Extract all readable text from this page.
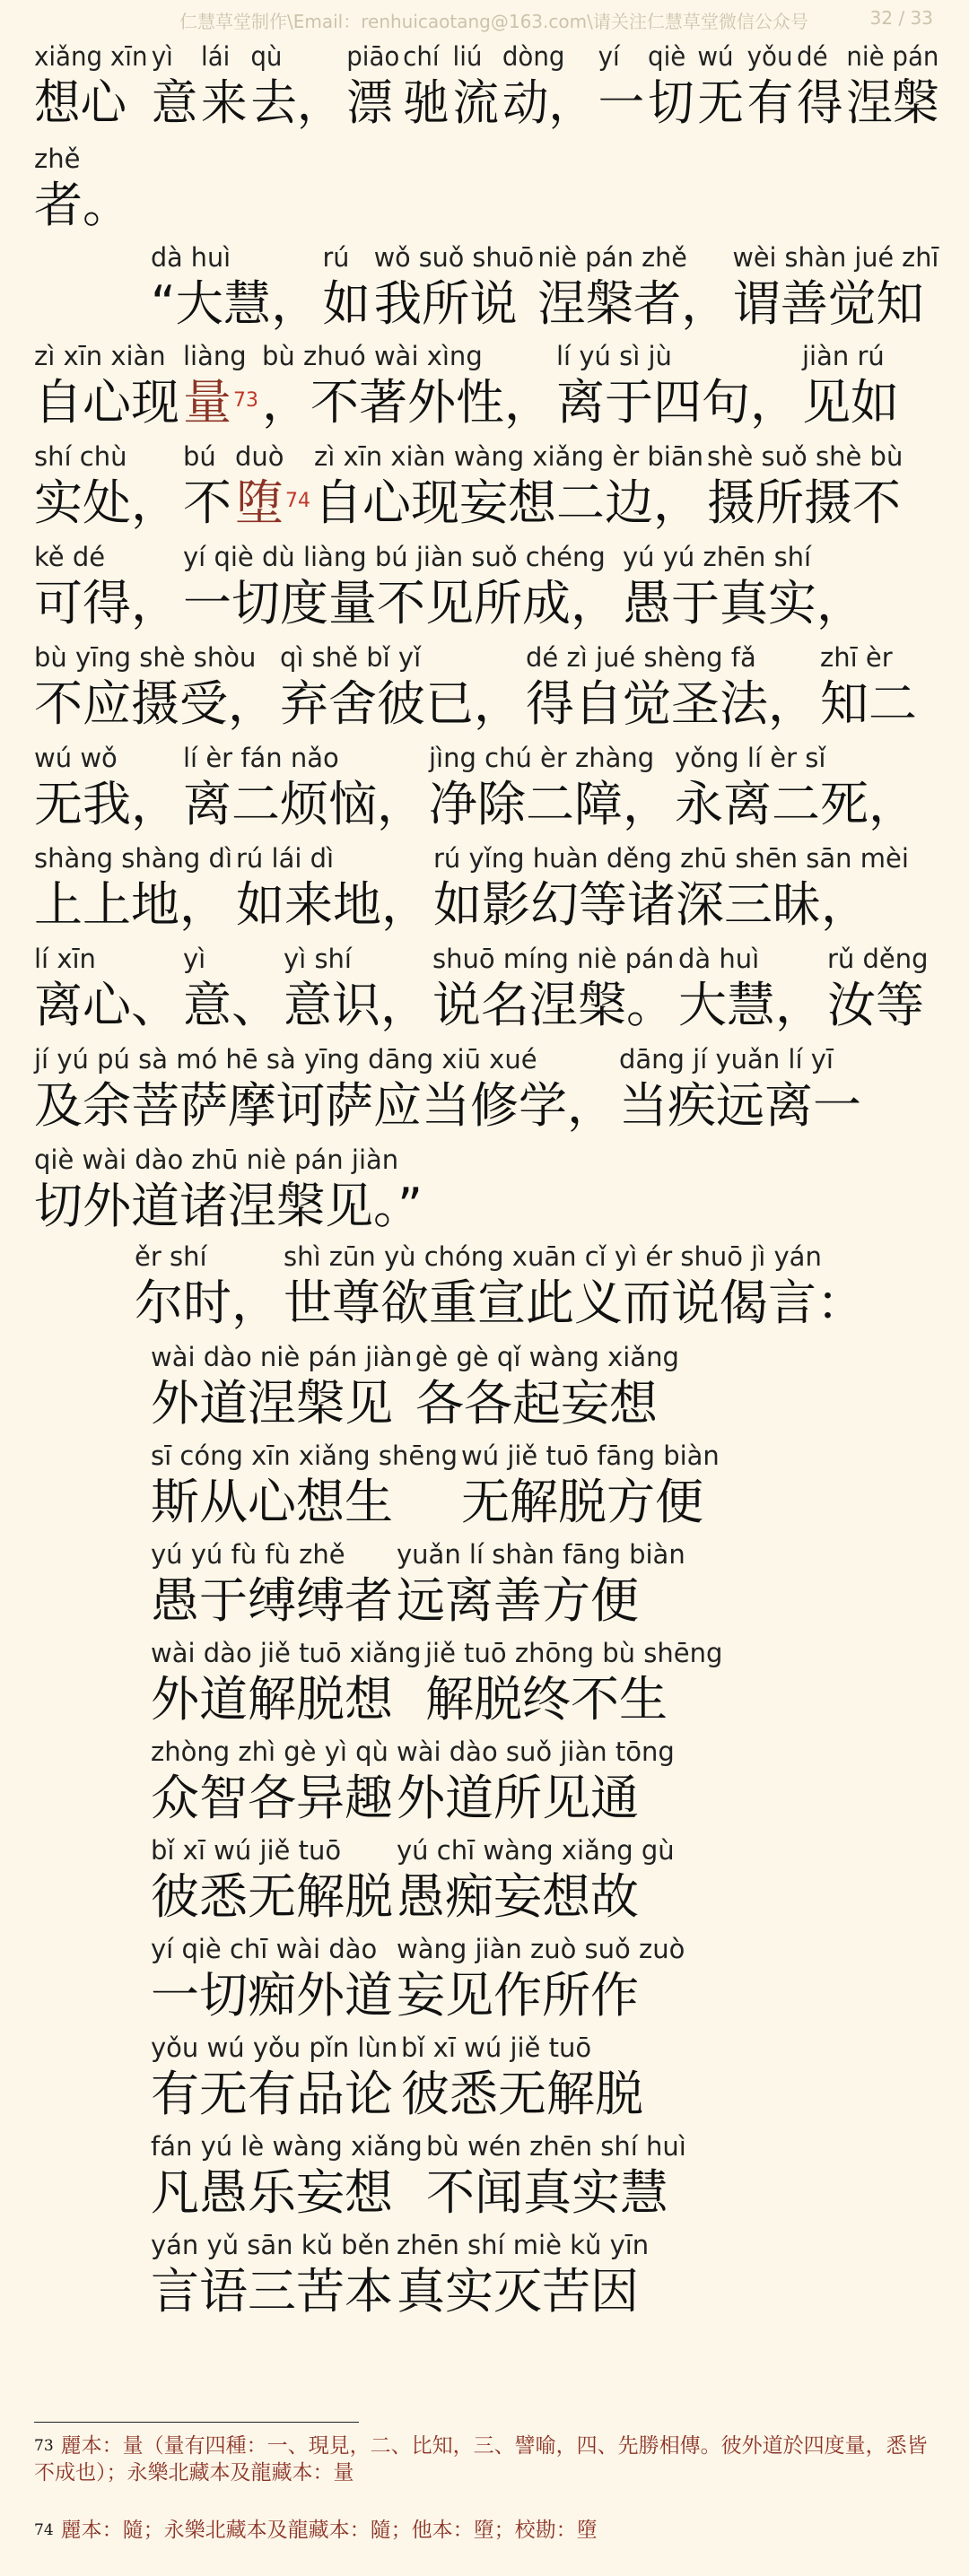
仁慧草堂制作\Email：renhuicaotang@163.com\请关注仁慧草堂微信公众号	32 / 33
xiǎng xīn
想心
yì
意
lái
来
qù
去，
piāo
漂
chí
驰
liú
流
dòng
动，
yí
一
qiè
切
wú
无
yǒu
有
dé
得
niè pán
涅槃
zhě
者。
dà huì
“大慧，
rú
如
wǒ suǒ shuō
我所说
niè pán zhě
涅槃者，
wèi shàn jué zhī
谓善觉知
zì xīn xiàn
自心现
liàng
量$^{73}$
bù zhuó wài xìng
，不著外性，
lí yú sì jù
离于四句，
jiàn rú
见如
shí chù
实处，
bú
不
duò
堕$^{74}$
zì xīn xiàn wàng xiǎng èr biān
自心现妄想二边，
shè suǒ shè bù
摄所摄不
kě dé
可得，
yí qiè dù liàng bú jiàn suǒ chéng
一切度量不见所成，
yú yú zhēn shí
愚于真实，
bù yīng shè shòu
不应摄受，
qì shě bǐ yǐ
弃舍彼已，
dé zì jué shèng fǎ
得自觉圣法，
zhī èr
知二
wú wǒ
无我，
lí èr fán nǎo
离二烦恼，
jìng chú èr zhàng
净除二障，
yǒng lí èr sǐ
永离二死，
shàng shàng dì
上上地，
rú lái dì
如来地，
rú yǐng huàn děng zhū shēn sān mèi
如影幻等诸深三昧，
lí xīn
离心、
yì
意、
yì shí
意识，
shuō míng niè pán
说名涅槃。
dà huì
大慧，
rǔ děng
汝等
jí yú pú sà mó hē sà yīng dāng xiū xué
及余菩萨摩诃萨应当修学，
dāng jí yuǎn lí yī
当疾远离一
qiè wài dào zhū niè pán jiàn
切外道诸涅槃见。”
ěr shí
尔时，
shì zūn yù chóng xuān cǐ yì ér shuō jì yán
世尊欲重宣此义而说偈言：
wài dào niè pán jiàn
外道涅槃见
gè gè qǐ wàng xiǎng
各各起妄想
sī cóng xīn xiǎng shēng
斯从心想生
wú jiě tuō fāng biàn
无解脱方便
yú yú fù fù zhě
愚于缚缚者
yuǎn lí shàn fāng biàn
远离善方便
wài dào jiě tuō xiǎng
外道解脱想
jiě tuō zhōng bù shēng
解脱终不生
zhòng zhì gè yì qù
众智各异趣
wài dào suǒ jiàn tōng
外道所见通
bǐ xī wú jiě tuō
彼悉无解脱
yú chī wàng xiǎng gù
愚痴妄想故
yí qiè chī wài dào
一切痴外道
wàng jiàn zuò suǒ zuò
妄见作所作
yǒu wú yǒu pǐn lùn
有无有品论
bǐ xī wú jiě tuō
彼悉无解脱
fán yú lè wàng xiǎng
凡愚乐妄想
bù wén zhēn shí huì
不闻真实慧
yán yǔ sān kǔ běn
言语三苦本
zhēn shí miè kǔ yīn
真实灭苦因
$^{73}$ 麗本：量（量有四種：一、現見，二、比知，三、譬喻，四、先勝相傳。彼外道於四度量，悉皆不成也）；永樂北藏本及龍藏本：量
$^{74}$ 麗本：隨；永樂北藏本及龍藏本：隨；他本：墮；校勘：墮
